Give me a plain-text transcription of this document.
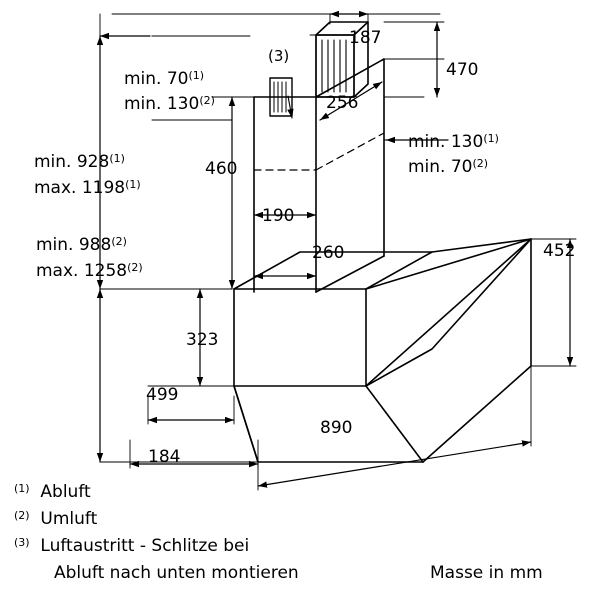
187
470
256
(3)
min. 70$^{(1)}$
min. 130$^{(2)}$
min. 130$^{(1)}$
min. 70$^{(2)}$
min. 928$^{(1)}$
max. 1198$^{(1)}$
min. 988$^{(2)}$
max. 1258$^{(2)}$
460
190
260	452
323
499
184
890
$^{(1)}$ Abluft
$^{(2)}$ Umluft
$^{(3)}$ Luftaustritt - Schlitze bei
Abluft nach unten montieren	Masse in mm
